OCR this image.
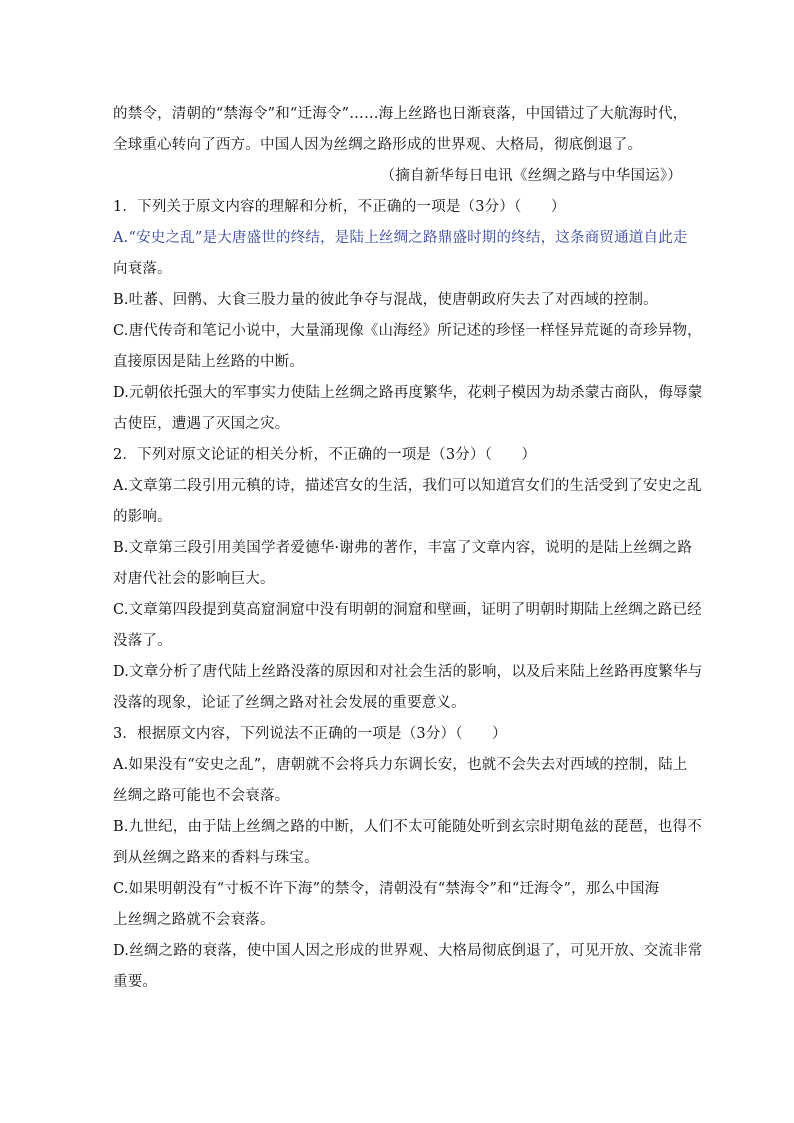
的禁令，清朝的“禁海令”和“迁海令”……海上丝路也日渐衰落，中国错过了大航海时代，
全球重心转向了西方。中国人因为丝绸之路形成的世界观、大格局，彻底倒退了。
（摘自新华每日电讯《丝绸之路与中华国运》）
1．下列关于原文内容的理解和分析，不正确的一项是（3分）（　　）
A.“安史之乱”是大唐盛世的终结，是陆上丝绸之路鼎盛时期的终结，这条商贸通道自此走
向衰落。
B.吐蕃、回鹘、大食三股力量的彼此争夺与混战，使唐朝政府失去了对西域的控制。
C.唐代传奇和笔记小说中，大量涌现像《山海经》所记述的珍怪一样怪异荒诞的奇珍异物，
直接原因是陆上丝路的中断。
D.元朝依托强大的军事实力使陆上丝绸之路再度繁华，花剌子模因为劫杀蒙古商队，侮辱蒙
古使臣，遭遇了灭国之灾。
2．下列对原文论证的相关分析，不正确的一项是（3分）（　　）
A.文章第二段引用元稹的诗，描述宫女的生活，我们可以知道宫女们的生活受到了安史之乱
的影响。
B.文章第三段引用美国学者爱德华·谢弗的著作，丰富了文章内容，说明的是陆上丝绸之路
对唐代社会的影响巨大。
C.文章第四段提到莫高窟洞窟中没有明朝的洞窟和壁画，证明了明朝时期陆上丝绸之路已经
没落了。
D.文章分析了唐代陆上丝路没落的原因和对社会生活的影响，以及后来陆上丝路再度繁华与
没落的现象，论证了丝绸之路对社会发展的重要意义。
3．根据原文内容，下列说法不正确的一项是（3分）（　　）
A.如果没有“安史之乱”，唐朝就不会将兵力东调长安，也就不会失去对西域的控制，陆上
丝绸之路可能也不会衰落。
B.九世纪，由于陆上丝绸之路的中断，人们不太可能随处听到玄宗时期龟兹的琵琶，也得不
到从丝绸之路来的香料与珠宝。
C.如果明朝没有“寸板不许下海”的禁令，清朝没有“禁海令”和“迁海令”，那么中国海
上丝绸之路就不会衰落。
D.丝绸之路的衰落，使中国人因之形成的世界观、大格局彻底倒退了，可见开放、交流非常
重要。
